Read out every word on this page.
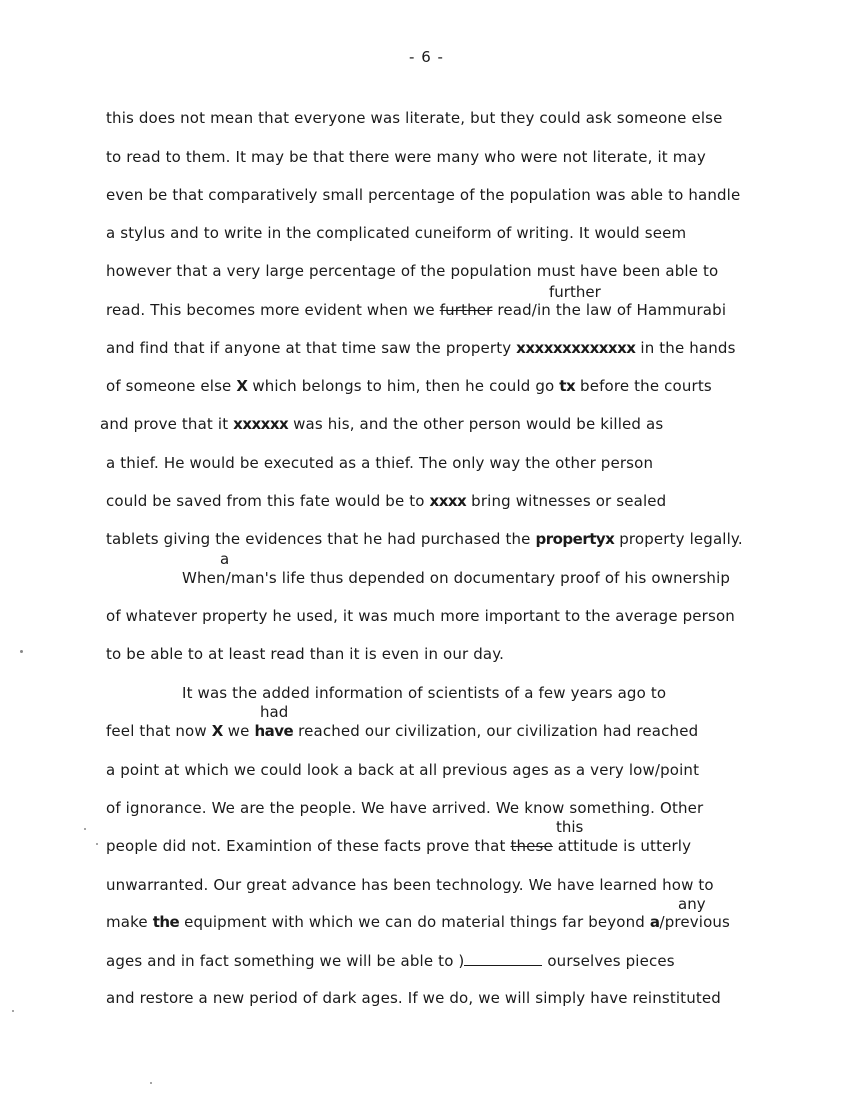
- 6 -
this does not mean that everyone was literate, but they could ask someone else
to read to them. It may be that there were many who were not literate, it may
even be that comparatively small percentage of the population was able to handle
a stylus and to write in the complicated cuneiform of writing. It would seem
however that a very large percentage of the population must have been able to
further
read. This becomes more evident when we further read/in the law of Hammurabi
and find that if anyone at that time saw the property xxxxxxxxxxxxx in the hands
of someone else X which belongs to him, then he could go tx before the courts
and prove that it xxxxxx was his, and the other person would be killed as
a thief. He would be executed as a thief. The only way the other person
could be saved from this fate would be to xxxx bring witnesses or sealed
tablets giving the evidences that he had purchased the propertyx property legally.
a
When/man's life thus depended on documentary proof of his ownership
of whatever property he used, it was much more important to the average person
to be able to at least read than it is even in our day.
It was the added information of scientists of a few years ago to
had
feel that now X we have reached our civilization, our civilization had reached
a point at which we could look a back at all previous ages as a very low/point
of ignorance. We are the people. We have arrived. We know something. Other
this
people did not. Examintion of these facts prove that these attitude is utterly
unwarranted. Our great advance has been technology. We have learned how to
any
make the equipment with which we can do material things far beyond a/previous
ages and in fact something we will be able to )	ourselves pieces
and restore a new period of dark ages. If we do, we will simply have reinstituted
